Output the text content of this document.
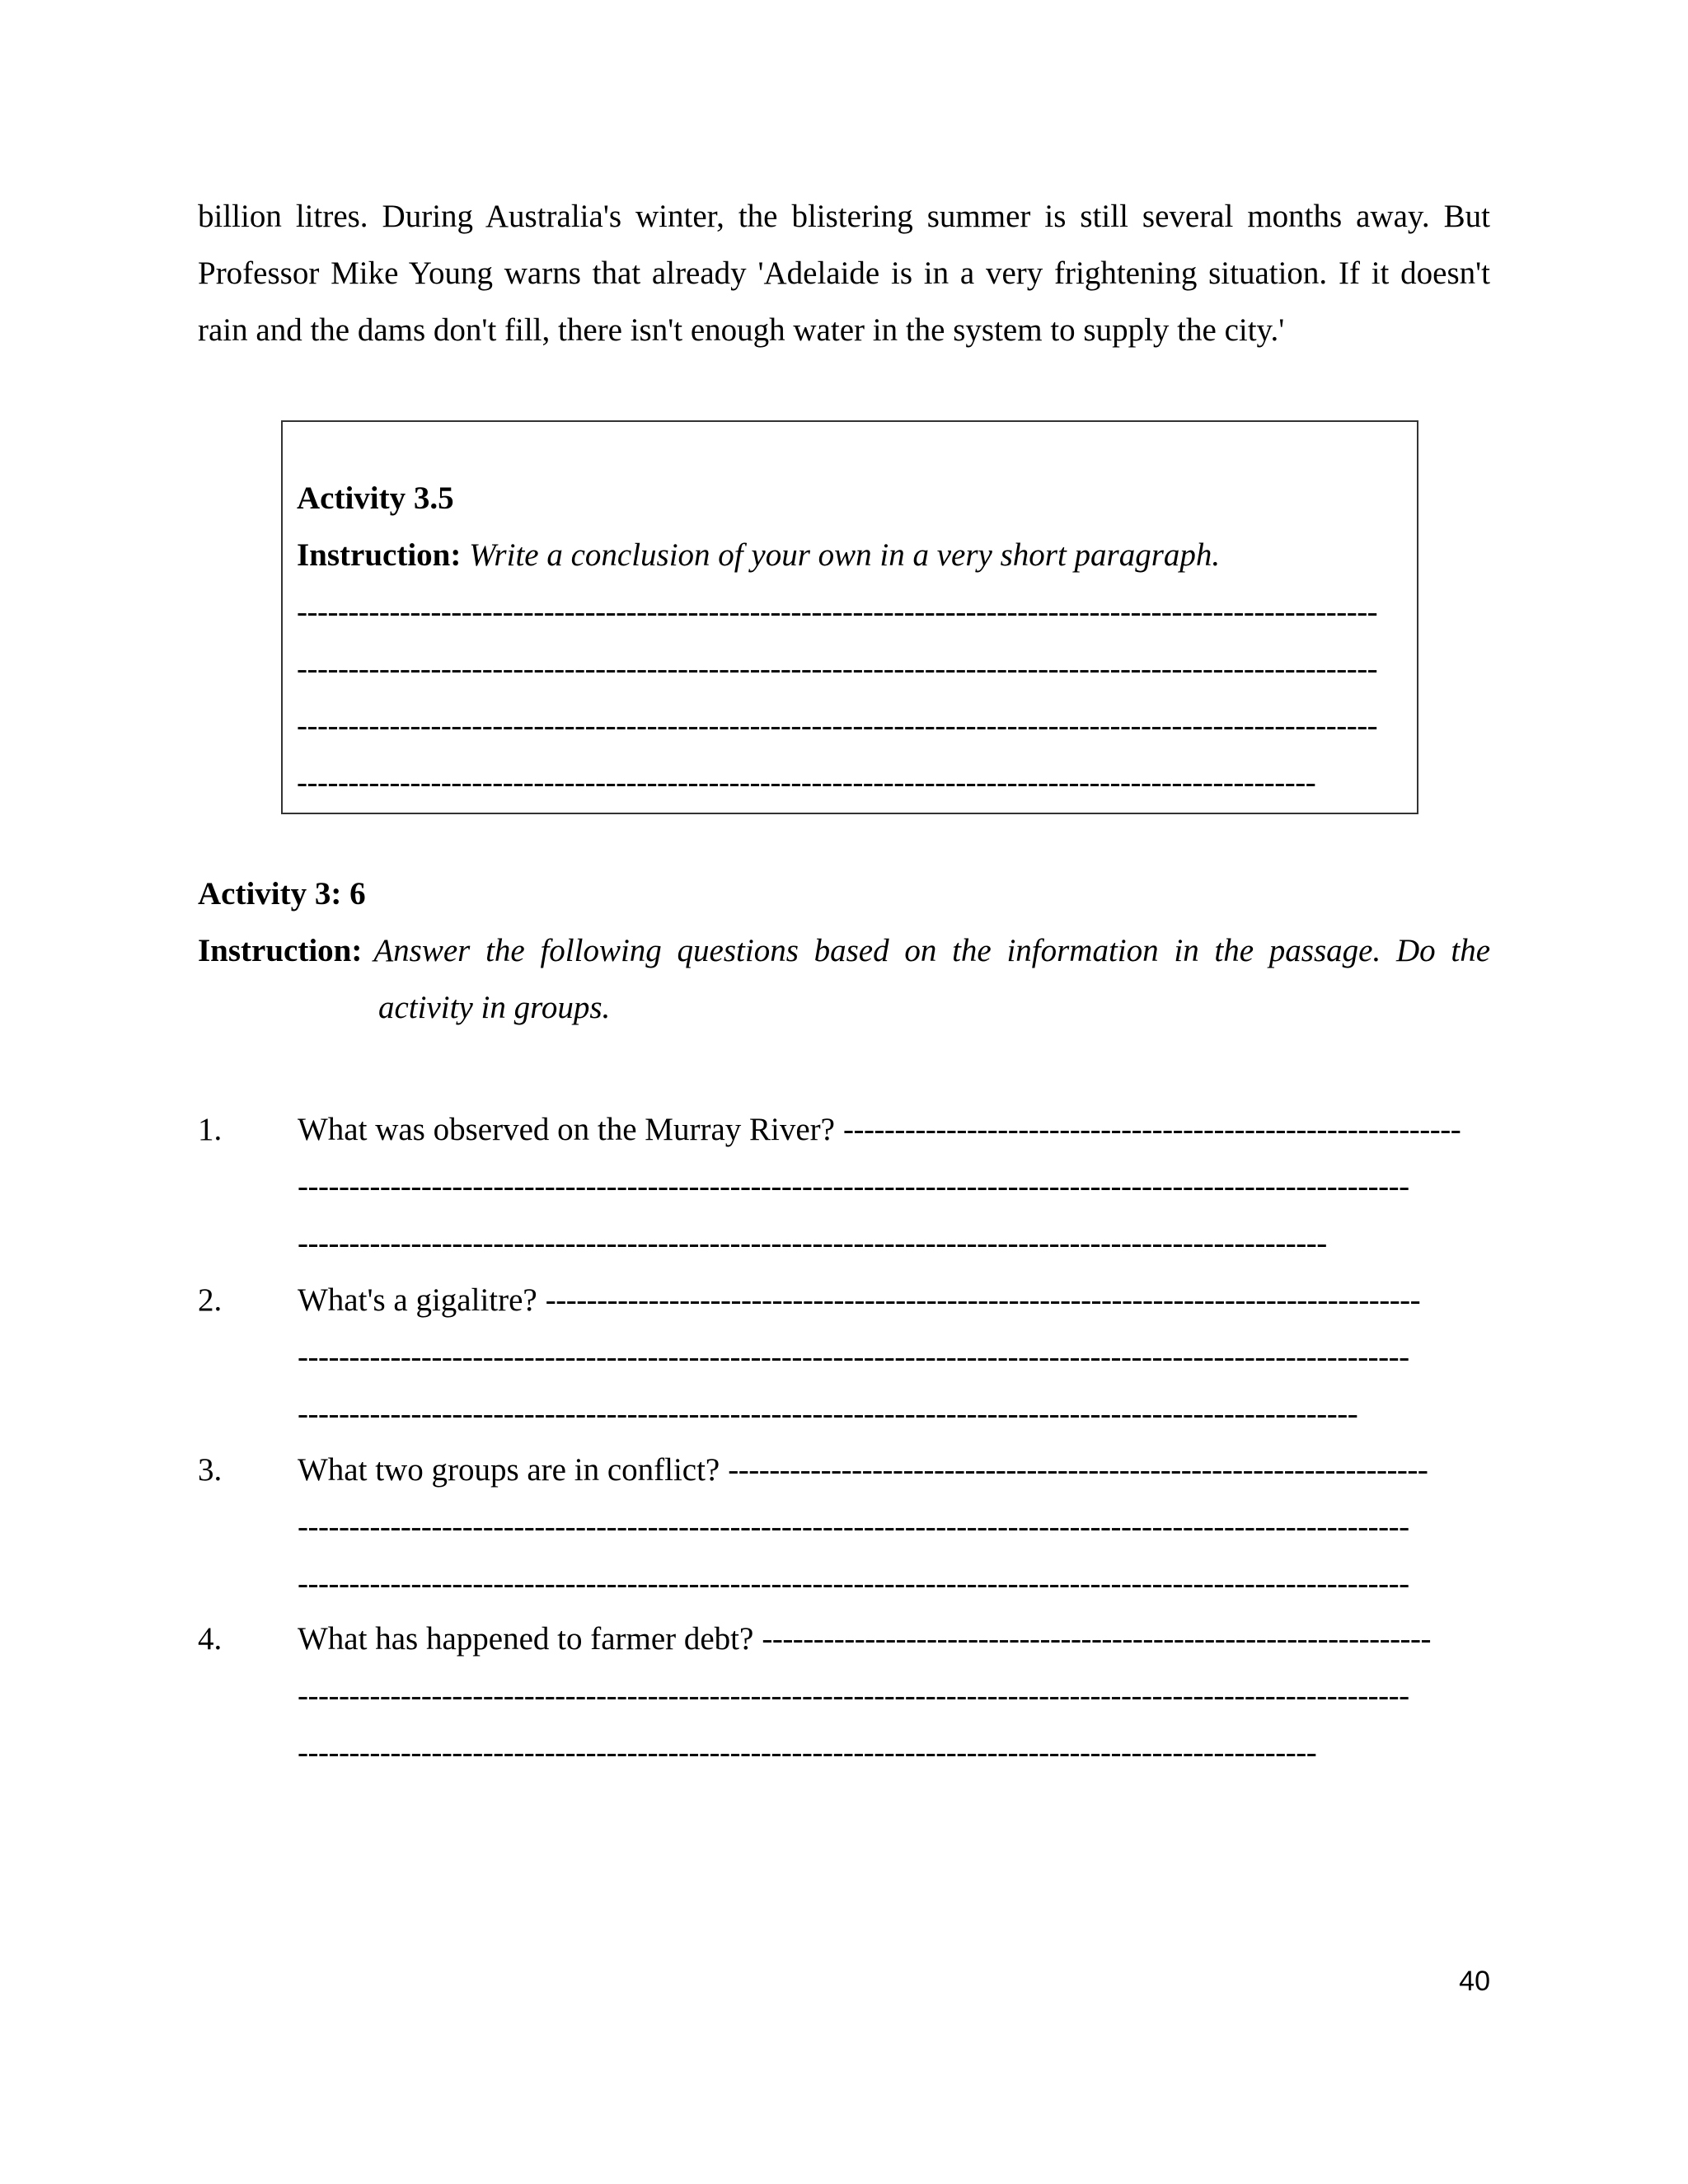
billion litres. During Australia's winter, the blistering summer is still several months away. But
Professor Mike Young warns that already 'Adelaide is in a very frightening situation. If it doesn't
rain and the dams don't fill, there isn't enough water in the system to supply the city.'
Activity 3.5
Instruction: Write a conclusion of your own in a very short paragraph.
---------------------------------------------------------------------------------------------------------
---------------------------------------------------------------------------------------------------------
---------------------------------------------------------------------------------------------------------
---------------------------------------------------------------------------------------------------
Activity 3: 6
Instruction: Answer the following questions based on the information in the passage. Do the
activity in groups.
1. What was observed on the Murray River? ------------------------------------------------------------
------------------------------------------------------------------------------------------------------------
----------------------------------------------------------------------------------------------------
2. What's a gigalitre? -------------------------------------------------------------------------------------
------------------------------------------------------------------------------------------------------------
-------------------------------------------------------------------------------------------------------
3. What two groups are in conflict? --------------------------------------------------------------------
------------------------------------------------------------------------------------------------------------
------------------------------------------------------------------------------------------------------------
4. What has happened to farmer debt? -----------------------------------------------------------------
------------------------------------------------------------------------------------------------------------
---------------------------------------------------------------------------------------------------
40
